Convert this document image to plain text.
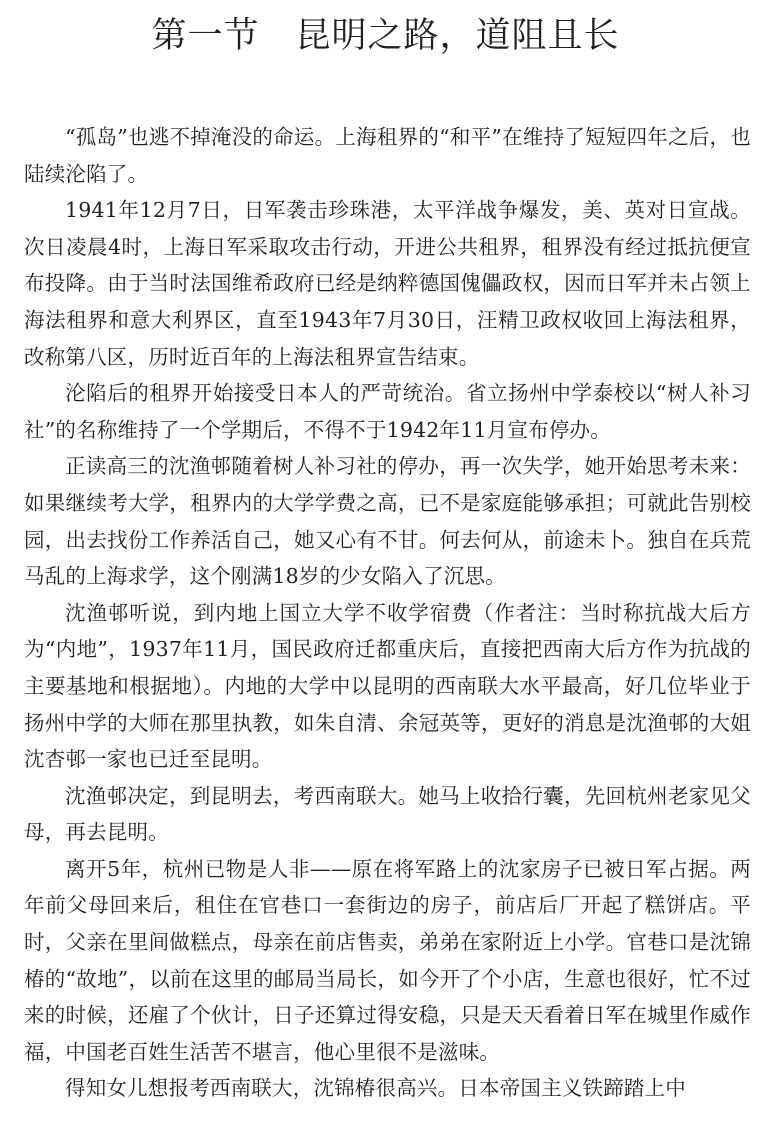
第一节　昆明之路，道阻且长

“孤岛”也逃不掉淹没的命运。上海租界的“和平”在维持了短短四年之后，也陆续沦陷了。

1941年12月7日，日军袭击珍珠港，太平洋战争爆发，美、英对日宣战。次日凌晨4时，上海日军采取攻击行动，开进公共租界，租界没有经过抵抗便宣布投降。由于当时法国维希政府已经是纳粹德国傀儡政权，因而日军并未占领上海法租界和意大利界区，直至1943年7月30日，汪精卫政权收回上海法租界，改称第八区，历时近百年的上海法租界宣告结束。

沦陷后的租界开始接受日本人的严苛统治。省立扬州中学泰校以“树人补习社”的名称维持了一个学期后，不得不于1942年11月宣布停办。

正读高三的沈渔邨随着树人补习社的停办，再一次失学，她开始思考未来：如果继续考大学，租界内的大学学费之高，已不是家庭能够承担；可就此告别校园，出去找份工作养活自己，她又心有不甘。何去何从，前途未卜。独自在兵荒马乱的上海求学，这个刚满18岁的少女陷入了沉思。

沈渔邨听说，到内地上国立大学不收学宿费（作者注：当时称抗战大后方为“内地”，1937年11月，国民政府迁都重庆后，直接把西南大后方作为抗战的主要基地和根据地）。内地的大学中以昆明的西南联大水平最高，好几位毕业于扬州中学的大师在那里执教，如朱自清、余冠英等，更好的消息是沈渔邨的大姐沈杏邨一家也已迁至昆明。

沈渔邨决定，到昆明去，考西南联大。她马上收拾行囊，先回杭州老家见父母，再去昆明。

离开5年，杭州已物是人非——原在将军路上的沈家房子已被日军占据。两年前父母回来后，租住在官巷口一套街边的房子，前店后厂开起了糕饼店。平时，父亲在里间做糕点，母亲在前店售卖，弟弟在家附近上小学。官巷口是沈锦椿的“故地”，以前在这里的邮局当局长，如今开了个小店，生意也很好，忙不过来的时候，还雇了个伙计，日子还算过得安稳，只是天天看着日军在城里作威作福，中国老百姓生活苦不堪言，他心里很不是滋味。

得知女儿想报考西南联大，沈锦椿很高兴。日本帝国主义铁蹄踏上中
